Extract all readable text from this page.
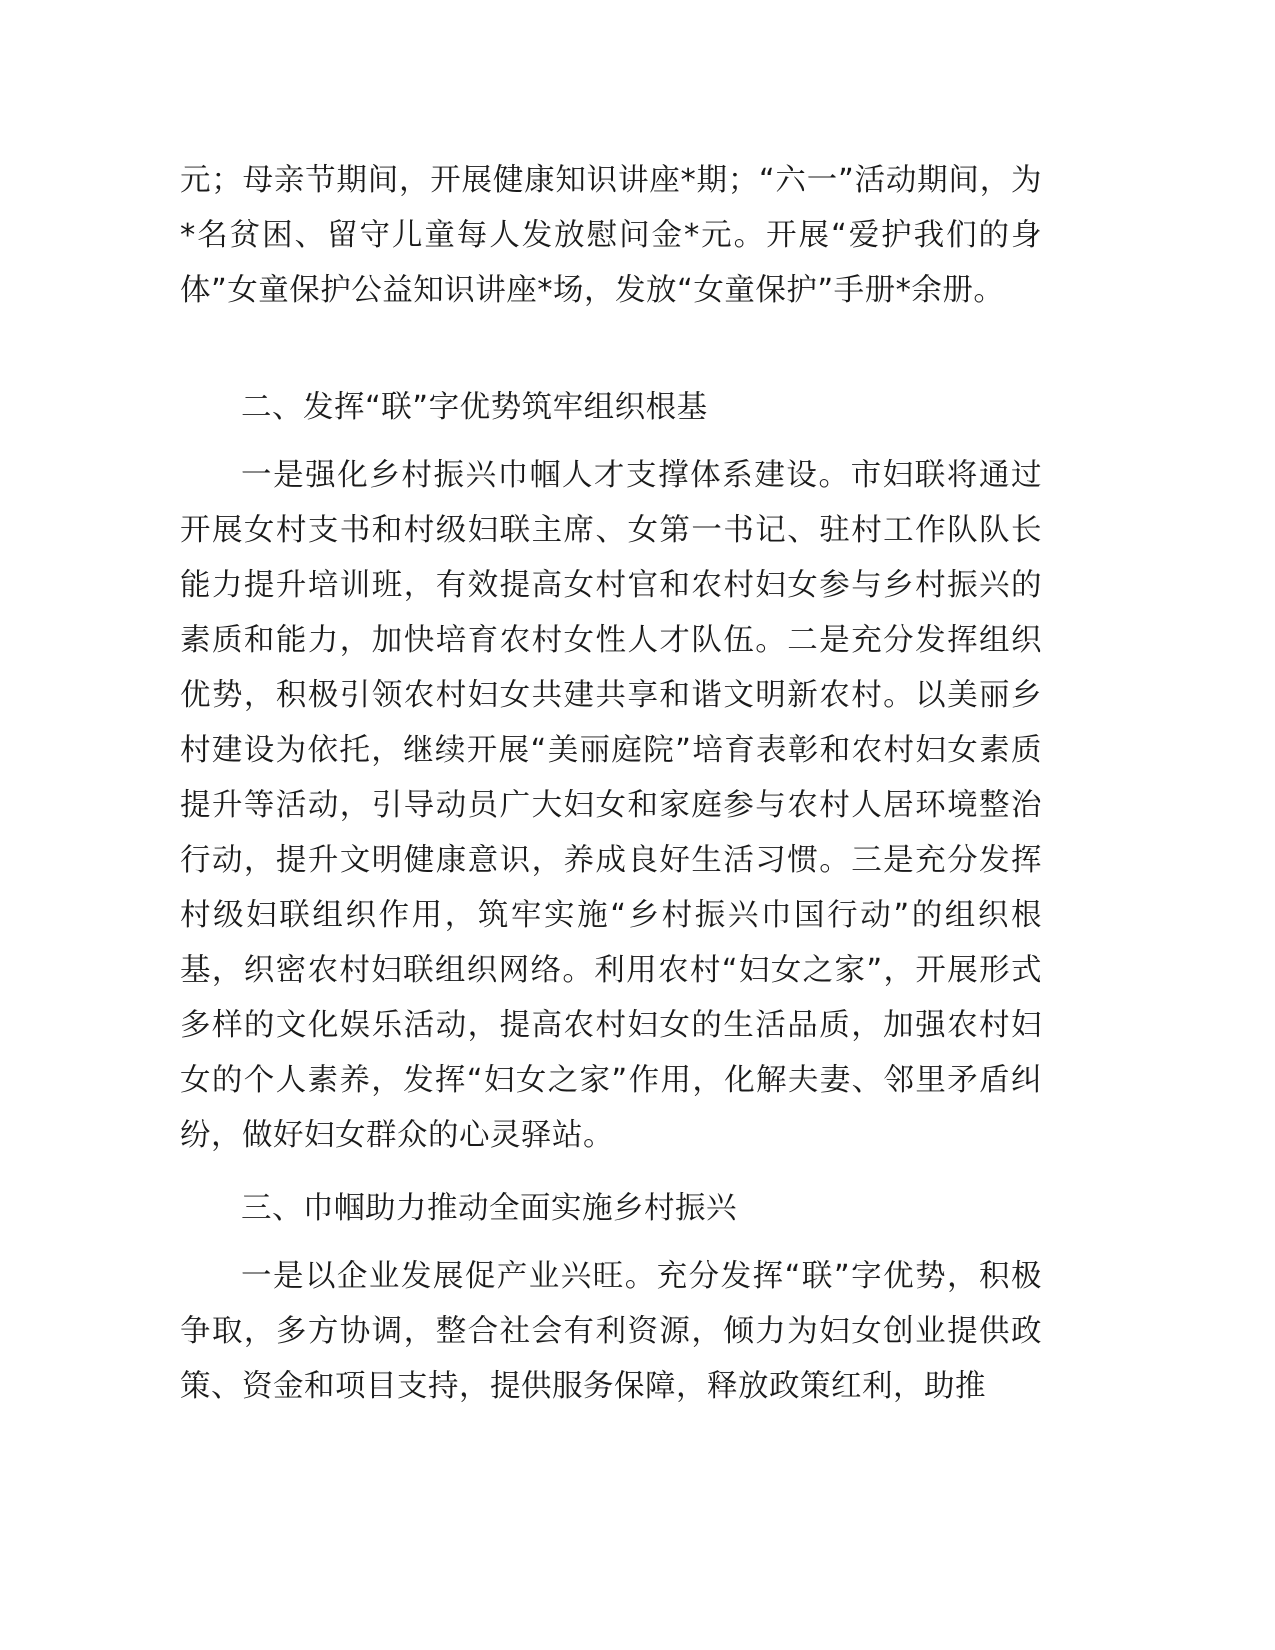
元；母亲节期间，开展健康知识讲座*期；“六一”活动期间，为*名贫困、留守儿童每人发放慰问金*元。开展“爱护我们的身体”女童保护公益知识讲座*场，发放“女童保护”手册*余册。

二、发挥“联”字优势筑牢组织根基

一是强化乡村振兴巾帼人才支撑体系建设。市妇联将通过开展女村支书和村级妇联主席、女第一书记、驻村工作队队长能力提升培训班，有效提高女村官和农村妇女参与乡村振兴的素质和能力，加快培育农村女性人才队伍。二是充分发挥组织优势，积极引领农村妇女共建共享和谐文明新农村。以美丽乡村建设为依托，继续开展“美丽庭院”培育表彰和农村妇女素质提升等活动，引导动员广大妇女和家庭参与农村人居环境整治行动，提升文明健康意识，养成良好生活习惯。三是充分发挥村级妇联组织作用，筑牢实施“乡村振兴巾国行动”的组织根基，织密农村妇联组织网络。利用农村“妇女之家”，开展形式多样的文化娱乐活动，提高农村妇女的生活品质，加强农村妇女的个人素养，发挥“妇女之家”作用，化解夫妻、邻里矛盾纠纷，做好妇女群众的心灵驿站。

三、巾帼助力推动全面实施乡村振兴

一是以企业发展促产业兴旺。充分发挥“联”字优势，积极争取，多方协调，整合社会有利资源，倾力为妇女创业提供政策、资金和项目支持，提供服务保障，释放政策红利，助推
